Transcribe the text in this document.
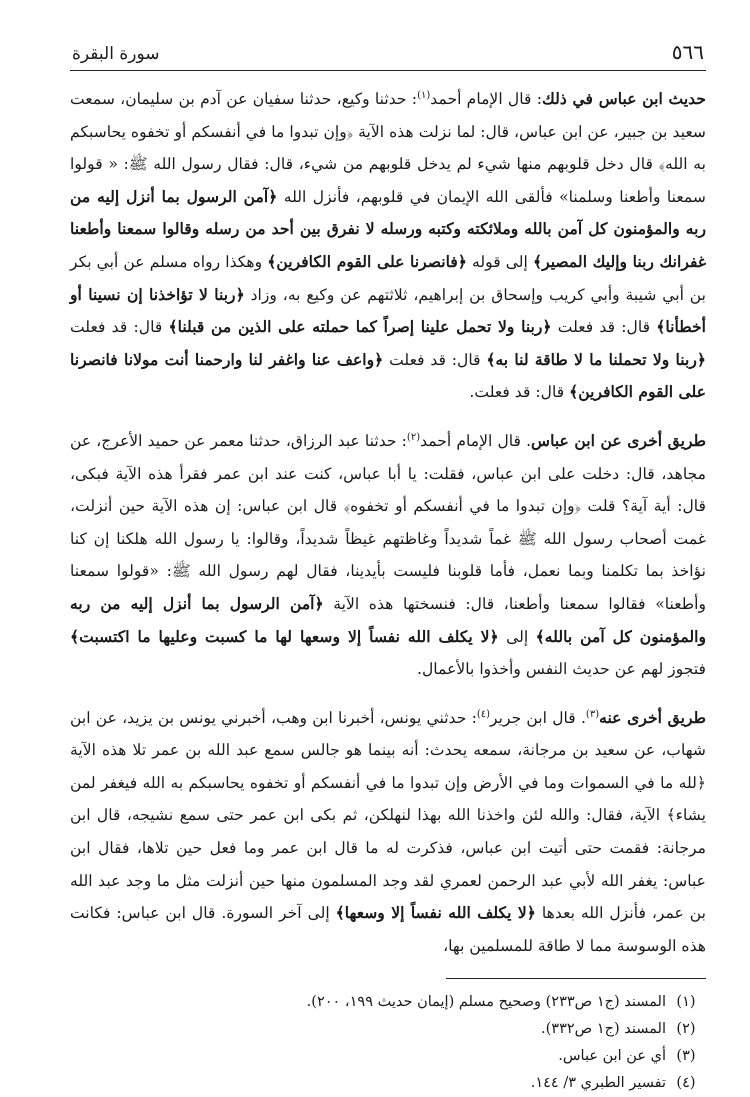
٥٦٦
سورة البقرة

حديث ابن عباس في ذلك: قال الإمام أحمد$^{(١)}$: حدثنا وكيع، حدثنا سفيان عن آدم بن سليمان، سمعت سعيد بن جبير، عن ابن عباس، قال: لما نزلت هذه الآية ﴿وإن تبدوا ما في أنفسكم أو تخفوه يحاسبكم به الله﴾ قال دخل قلوبهم منها شيء لم يدخل قلوبهم من شيء، قال: فقال رسول الله ﷺ: « قولوا سمعنا وأطعنا وسلمنا» فألقى الله الإيمان في قلوبهم، فأنزل الله ﴿آمن الرسول بما أنزل إليه من ربه والمؤمنون كل آمن بالله وملائكته وكتبه ورسله لا نفرق بين أحد من رسله وقالوا سمعنا وأطعنا غفرانك ربنا وإليك المصير﴾ إلى قوله ﴿فانصرنا على القوم الكافرين﴾ وهكذا رواه مسلم عن أبي بكر بن أبي شيبة وأبي كريب وإسحاق بن إبراهيم، ثلاثتهم عن وكيع به، وزاد ﴿ربنا لا تؤاخذنا إن نسينا أو أخطأنا﴾ قال: قد فعلت ﴿ربنا ولا تحمل علينا إصراً كما حملته على الذين من قبلنا﴾ قال: قد فعلت ﴿ربنا ولا تحملنا ما لا طاقة لنا به﴾ قال: قد فعلت ﴿واعف عنا واغفر لنا وارحمنا أنت مولانا فانصرنا على القوم الكافرين﴾ قال: قد فعلت.

طريق أخرى عن ابن عباس. قال الإمام أحمد$^{(٢)}$: حدثنا عبد الرزاق، حدثنا معمر عن حميد الأعرج، عن مجاهد، قال: دخلت على ابن عباس، فقلت: يا أبا عباس، كنت عند ابن عمر فقرأ هذه الآية فبكى، قال: أية آية؟ قلت ﴿وإن تبدوا ما في أنفسكم أو تخفوه﴾ قال ابن عباس: إن هذه الآية حين أنزلت، غمت أصحاب رسول الله ﷺ غماً شديداً وغاظتهم غيظاً شديداً، وقالوا: يا رسول الله هلكنا إن كنا نؤاخذ بما تكلمنا وبما نعمل، فأما قلوبنا فليست بأيدينا، فقال لهم رسول الله ﷺ: «قولوا سمعنا وأطعنا» فقالوا سمعنا وأطعنا، قال: فنسختها هذه الآية ﴿آمن الرسول بما أنزل إليه من ربه والمؤمنون كل آمن بالله﴾ إلى ﴿لا يكلف الله نفساً إلا وسعها لها ما كسبت وعليها ما اكتسبت﴾ فتجوز لهم عن حديث النفس وأخذوا بالأعمال.

طريق أخرى عنه$^{(٣)}$. قال ابن جرير$^{(٤)}$: حدثني يونس، أخبرنا ابن وهب، أخبرني يونس بن يزيد، عن ابن شهاب، عن سعيد بن مرجانة، سمعه يحدث: أنه بينما هو جالس سمع عبد الله بن عمر تلا هذه الآية ﴿لله ما في السموات وما في الأرض وإن تبدوا ما في أنفسكم أو تخفوه يحاسبكم به الله فيغفر لمن يشاء﴾ الآية، فقال: والله لئن واخذنا الله بهذا لنهلكن، ثم بكى ابن عمر حتى سمع نشيجه، قال ابن مرجانة: فقمت حتى أتيت ابن عباس، فذكرت له ما قال ابن عمر وما فعل حين تلاها، فقال ابن عباس: يغفر الله لأبي عبد الرحمن لعمري لقد وجد المسلمون منها حين أنزلت مثل ما وجد عبد الله بن عمر، فأنزل الله بعدها ﴿لا يكلف الله نفساً إلا وسعها﴾ إلى آخر السورة. قال ابن عباس: فكانت هذه الوسوسة مما لا طاقة للمسلمين بها،

(١)
المسند (ج١ ص٢٣٣) وصحيح مسلم (إيمان حديث ١٩٩، ٢٠٠).
(٢)
المسند (ج١ ص٣٣٢).
(٣)
أي عن ابن عباس.
(٤)
تفسير الطبري ٣/ ١٤٤.
